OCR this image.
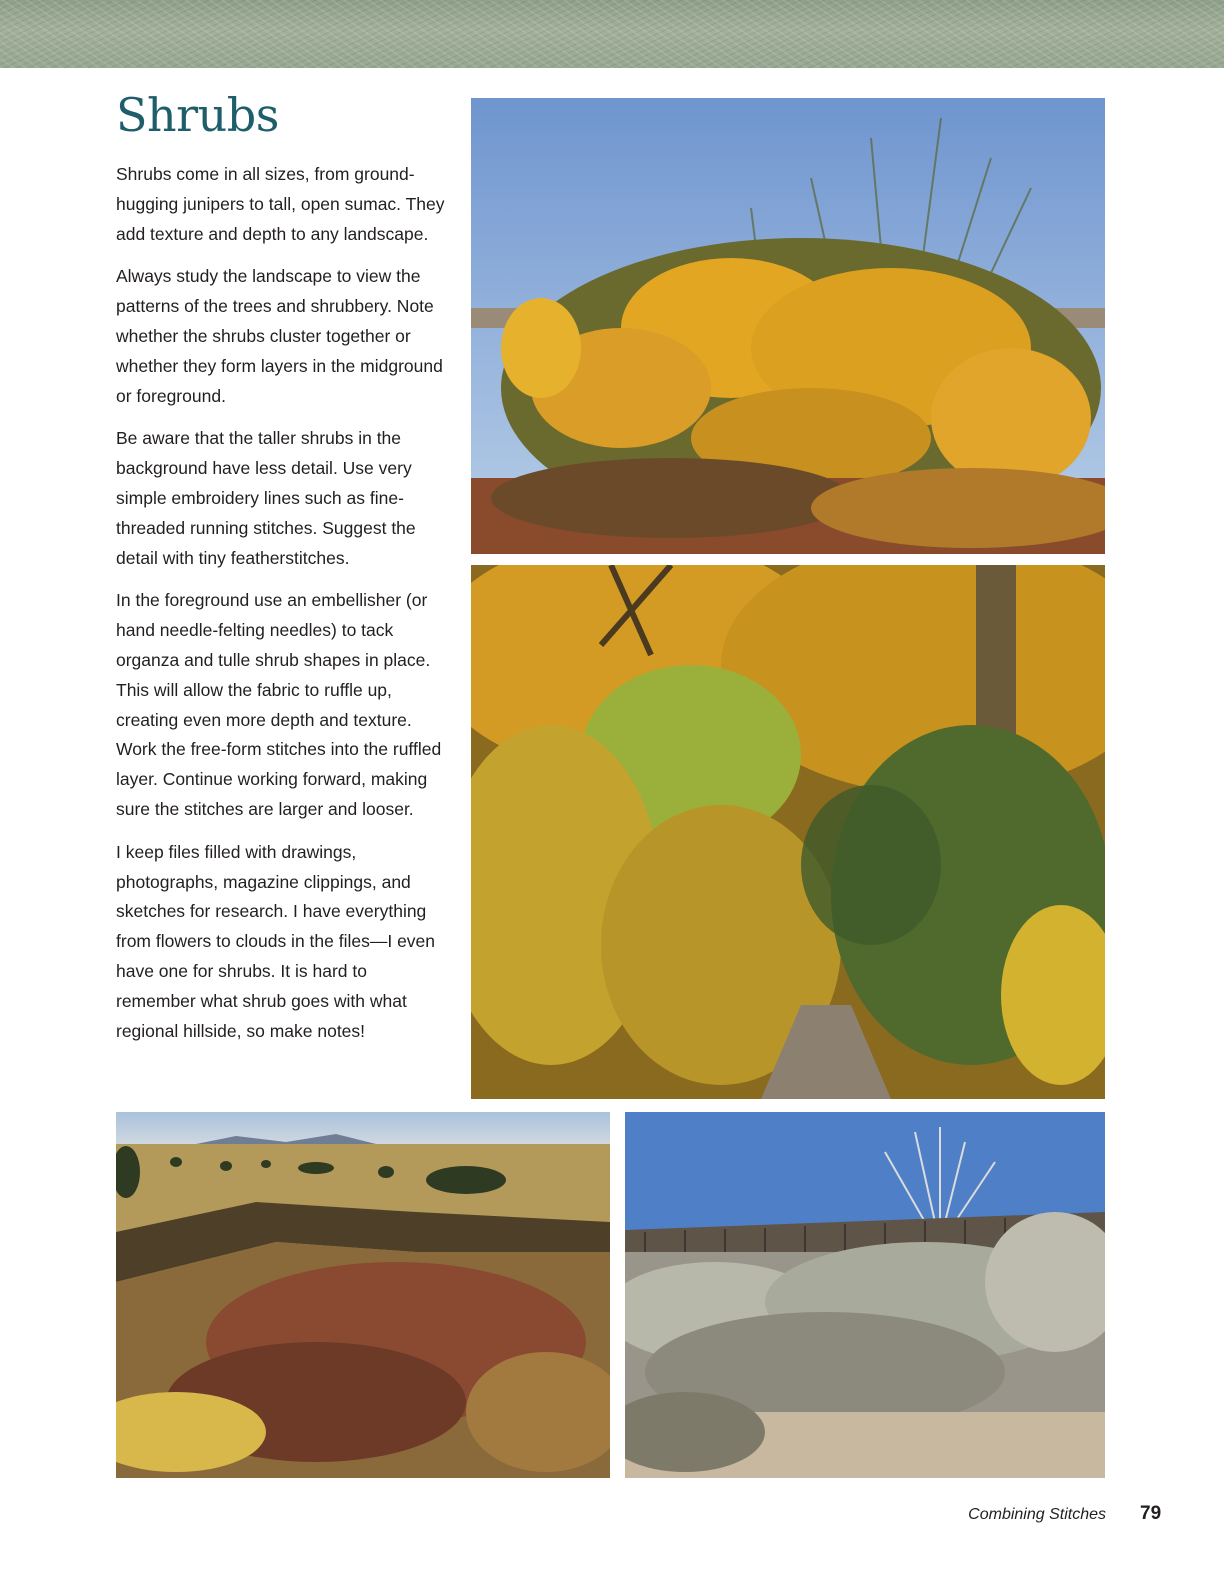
Shrubs

Shrubs come in all sizes, from ground-hugging junipers to tall, open sumac. They add texture and depth to any landscape.

Always study the landscape to view the patterns of the trees and shrubbery. Note whether the shrubs cluster together or whether they form layers in the midground or foreground.

Be aware that the taller shrubs in the background have less detail. Use very simple embroidery lines such as fine-threaded running stitches. Suggest the detail with tiny featherstitches.

In the foreground use an embellisher (or hand needle-felting needles) to tack organza and tulle shrub shapes in place. This will allow the fabric to ruffle up, creating even more depth and texture. Work the free-form stitches into the ruffled layer. Continue working forward, making sure the stitches are larger and looser.

I keep files filled with drawings, photographs, magazine clippings, and sketches for research. I have everything from flowers to clouds in the files—I even have one for shrubs. It is hard to remember what shrub goes with what regional hillside, so make notes!

Combining Stitches 79
